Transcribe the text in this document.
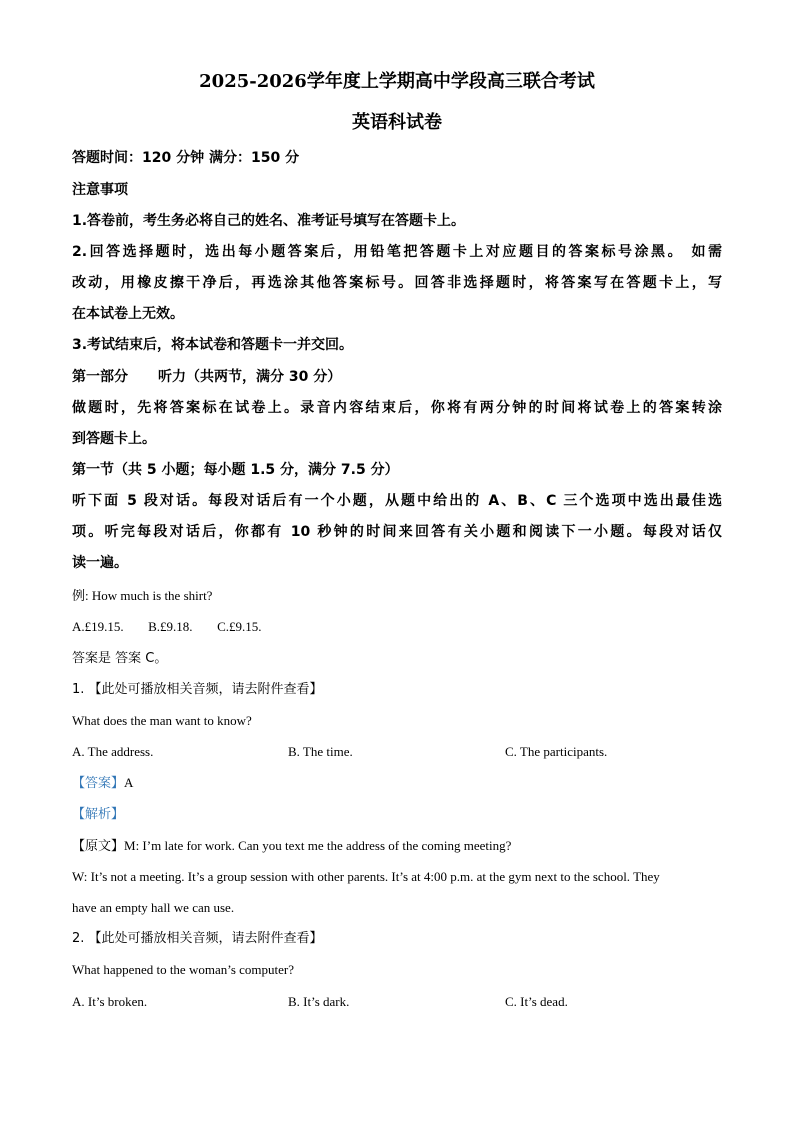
2025-2026学年度上学期高中学段高三联合考试
英语科试卷
答题时间：120 分钟 满分：150 分
注意事项
1.答卷前，考生务必将自己的姓名、准考证号填写在答题卡上。
2.回答选择题时，选出每小题答案后，用铅笔把答题卡上对应题目的答案标号涂黑。 如需
改动，用橡皮擦干净后，再选涂其他答案标号。回答非选择题时，将答案写在答题卡上，写
在本试卷上无效。
3.考试结束后，将本试卷和答题卡一并交回。
第一部分 听力（共两节，满分 30 分）
做题时，先将答案标在试卷上。录音内容结束后，你将有两分钟的时间将试卷上的答案转涂
到答题卡上。
第一节（共 5 小题；每小题 1.5 分，满分 7.5 分）
听下面 5 段对话。每段对话后有一个小题，从题中给出的 A、B、C 三个选项中选出最佳选
项。听完每段对话后，你都有 10 秒钟的时间来回答有关小题和阅读下一小题。每段对话仅
读一遍。
例: How much is the shirt?
A.£19.15. B.£9.18. C.£9.15.
答案是 答案 C。
1. 【此处可播放相关音频，请去附件查看】
What does the man want to know?
A. The address.	B. The time.	C. The participants.
【答案】A
【解析】
【原文】M: I’m late for work. Can you text me the address of the coming meeting?
W: It’s not a meeting. It’s a group session with other parents. It’s at 4:00 p.m. at the gym next to the school. They
have an empty hall we can use.
2. 【此处可播放相关音频，请去附件查看】
What happened to the woman’s computer?
A. It’s broken.	B. It’s dark.	C. It’s dead.
